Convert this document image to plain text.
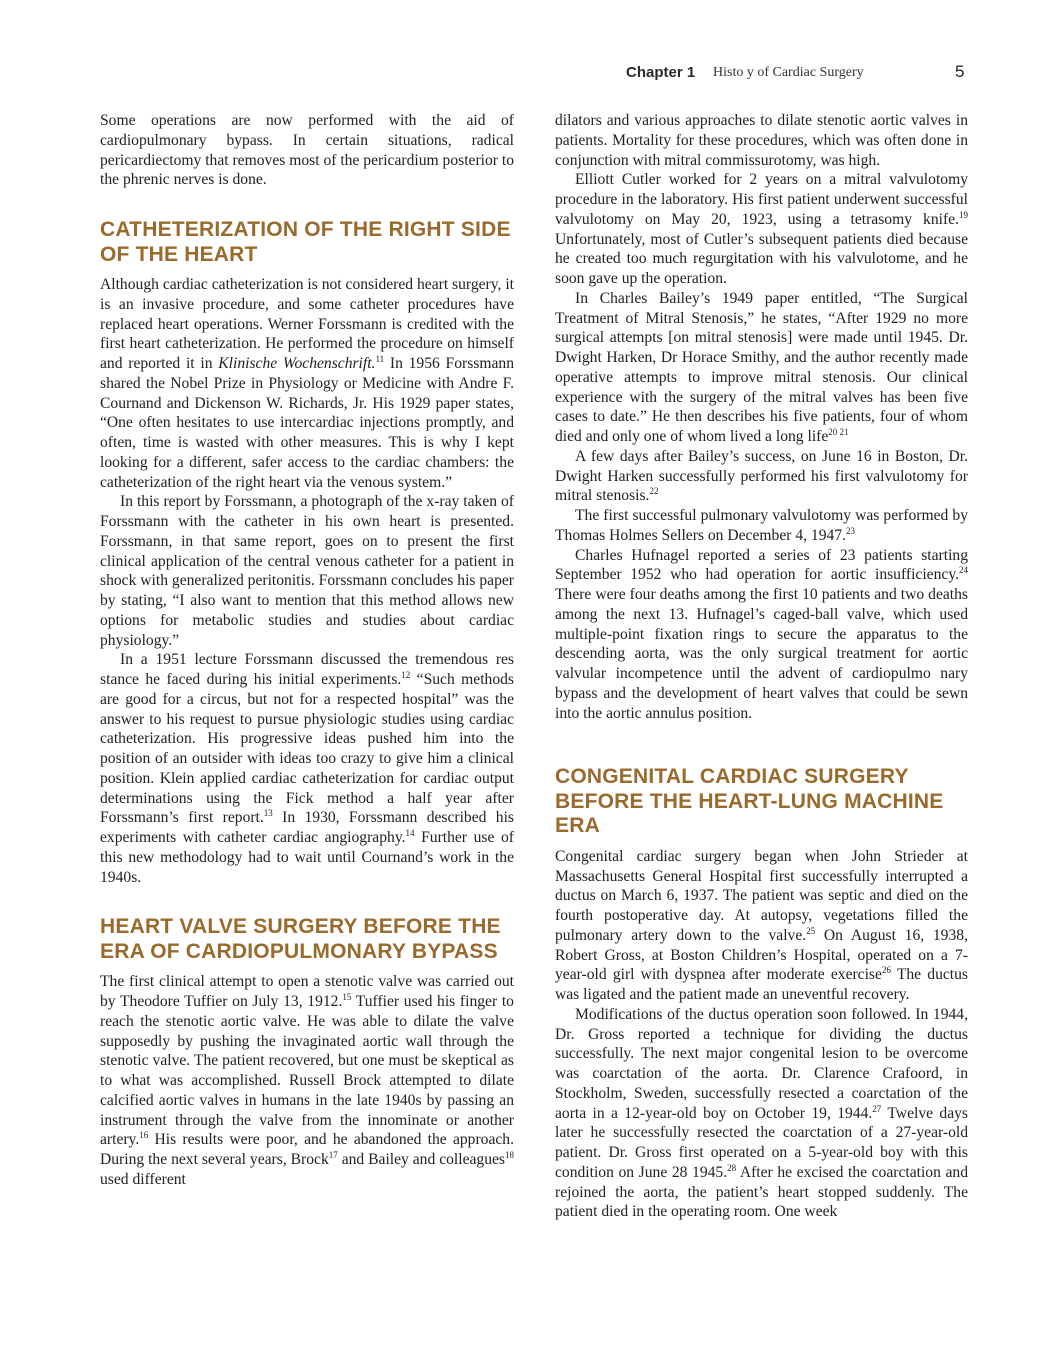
Chapter 1 Histo y of Cardiac Surgery	5

Some operations are now performed with the aid of cardiopulmonary bypass. In certain situations, radical pericardiectomy that removes most of the pericardium posterior to the phrenic nerves is done.

CATHETERIZATION OF THE RIGHT SIDE OF THE HEART

Although cardiac catheterization is not considered heart surgery, it is an invasive procedure, and some catheter procedures have replaced heart operations. Werner Forssmann is credited with the first heart catheterization. He performed the procedure on himself and reported it in Klinische Wochenschrift.$^{11}$ In 1956 Forssmann shared the Nobel Prize in Physiology or Medicine with Andre F. Cournand and Dickenson W. Richards, Jr. His 1929 paper states, “One often hesitates to use intercardiac injections promptly, and often, time is wasted with other measures. This is why I kept looking for a different, safer access to the cardiac chambers: the catheterization of the right heart via the venous system.”

In this report by Forssmann, a photograph of the x-ray taken of Forssmann with the catheter in his own heart is presented. Forssmann, in that same report, goes on to present the first clinical application of the central venous catheter for a patient in shock with generalized peritonitis. Forssmann concludes his paper by stating, “I also want to mention that this method allows new options for metabolic studies and studies about cardiac physiology.”

In a 1951 lecture Forssmann discussed the tremendous res stance he faced during his initial experiments.$^{12}$ “Such methods are good for a circus, but not for a respected hospital” was the answer to his request to pursue physiologic studies using cardiac catheterization. His progressive ideas pushed him into the position of an outsider with ideas too crazy to give him a clinical position. Klein applied cardiac catheterization for cardiac output determinations using the Fick method a half year after Forssmann’s first report.$^{13}$ In 1930, Forssmann described his experiments with catheter cardiac angiography.$^{14}$ Further use of this new methodology had to wait until Cournand’s work in the 1940s.

HEART VALVE SURGERY BEFORE THE ERA OF CARDIOPULMONARY BYPASS

The first clinical attempt to open a stenotic valve was carried out by Theodore Tuffier on July 13, 1912.15 Tuffier used his finger to reach the stenotic aortic valve. He was able to dilate the valve supposedly by pushing the invaginated aortic wall through the stenotic valve. The patient recovered, but one must be skeptical as to what was accomplished. Russell Brock attempted to dilate calcified aortic valves in humans in the late 1940s by passing an instrument through the valve from the innominate or another artery.$^{16}$ His results were poor, and he abandoned the approach. During the next several years, Brock$^{17}$ and Bailey and colleagues$^{18}$ used different

dilators and various approaches to dilate stenotic aortic valves in patients. Mortality for these procedures, which was often done in conjunction with mitral commissurotomy, was high.

Elliott Cutler worked for 2 years on a mitral valvulotomy procedure in the laboratory. His first patient underwent successful valvulotomy on May 20, 1923, using a tetrasomy knife.$^{19}$ Unfortunately, most of Cutler’s subsequent patients died because he created too much regurgitation with his valvulotome, and he soon gave up the operation.

In Charles Bailey’s 1949 paper entitled, “The Surgical Treatment of Mitral Stenosis,” he states, “After 1929 no more surgical attempts [on mitral stenosis] were made until 1945. Dr. Dwight Harken, Dr Horace Smithy, and the author recently made operative attempts to improve mitral stenosis. Our clinical experience with the surgery of the mitral valves has been five cases to date.” He then describes his five patients, four of whom died and only one of whom lived a long life$^{20 21}$

A few days after Bailey’s success, on June 16 in Boston, Dr. Dwight Harken successfully performed his first valvulotomy for mitral stenosis.$^{22}$

The first successful pulmonary valvulotomy was performed by Thomas Holmes Sellers on December 4, 1947.23

Charles Hufnagel reported a series of 23 patients starting September 1952 who had operation for aortic insufficiency.$^{24}$ There were four deaths among the first 10 patients and two deaths among the next 13. Hufnagel’s caged-ball valve, which used multiple-point fixation rings to secure the apparatus to the descending aorta, was the only surgical treatment for aortic valvular incompetence until the advent of cardiopulmo nary bypass and the development of heart valves that could be sewn into the aortic annulus position.

CONGENITAL CARDIAC SURGERY BEFORE THE HEART-LUNG MACHINE ERA

Congenital cardiac surgery began when John Strieder at Massachusetts General Hospital first successfully interrupted a ductus on March 6, 1937. The patient was septic and died on the fourth postoperative day. At autopsy, vegetations filled the pulmonary artery down to the valve.$^{25}$ On August 16, 1938, Robert Gross, at Boston Children’s Hospital, operated on a 7-year-old girl with dyspnea after moderate exercise$^{26}$ The ductus was ligated and the patient made an uneventful recovery.

Modifications of the ductus operation soon followed. In 1944, Dr. Gross reported a technique for dividing the ductus successfully. The next major congenital lesion to be overcome was coarctation of the aorta. Dr. Clarence Crafoord, in Stockholm, Sweden, successfully resected a coarctation of the aorta in a 12-year-old boy on October 19, 1944.27 Twelve days later he successfully resected the coarctation of a 27-year-old patient. Dr. Gross first operated on a 5-year-old boy with this condition on June 28 1945.28 After he excised the coarctation and rejoined the aorta, the patient’s heart stopped suddenly. The patient died in the operating room. One week
